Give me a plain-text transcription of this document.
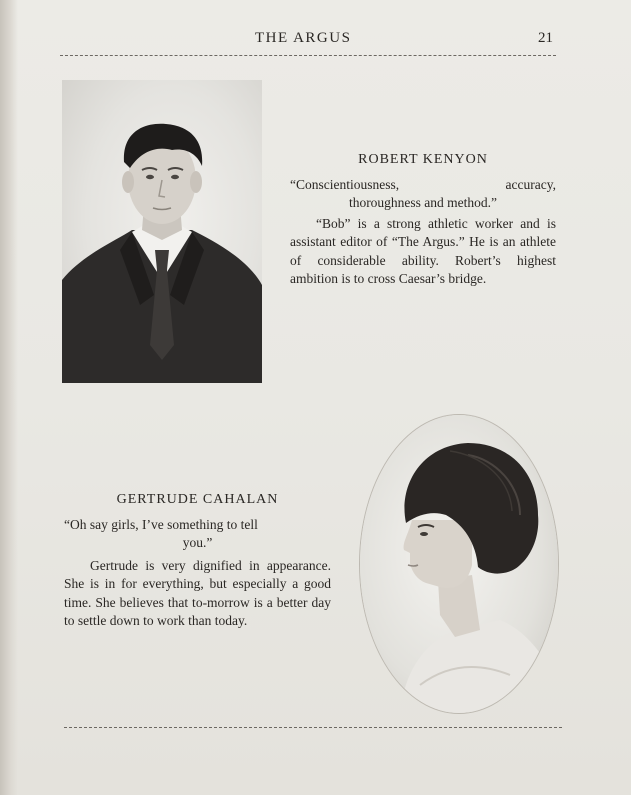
THE ARGUS	21
ROBERT KENYON
“Conscientiousness, accuracy,
thoroughness and method.”
“Bob” is a strong athletic worker and is assistant editor of “The Argus.” He is an athlete of considerable ability. Robert’s highest ambition is to cross Caesar’s bridge.
GERTRUDE CAHALAN
“Oh say girls, I’ve something to tell
you.”
Gertrude is very dignified in appearance. She is in for everything, but especially a good time. She believes that to-morrow is a better day to settle down to work than today.
